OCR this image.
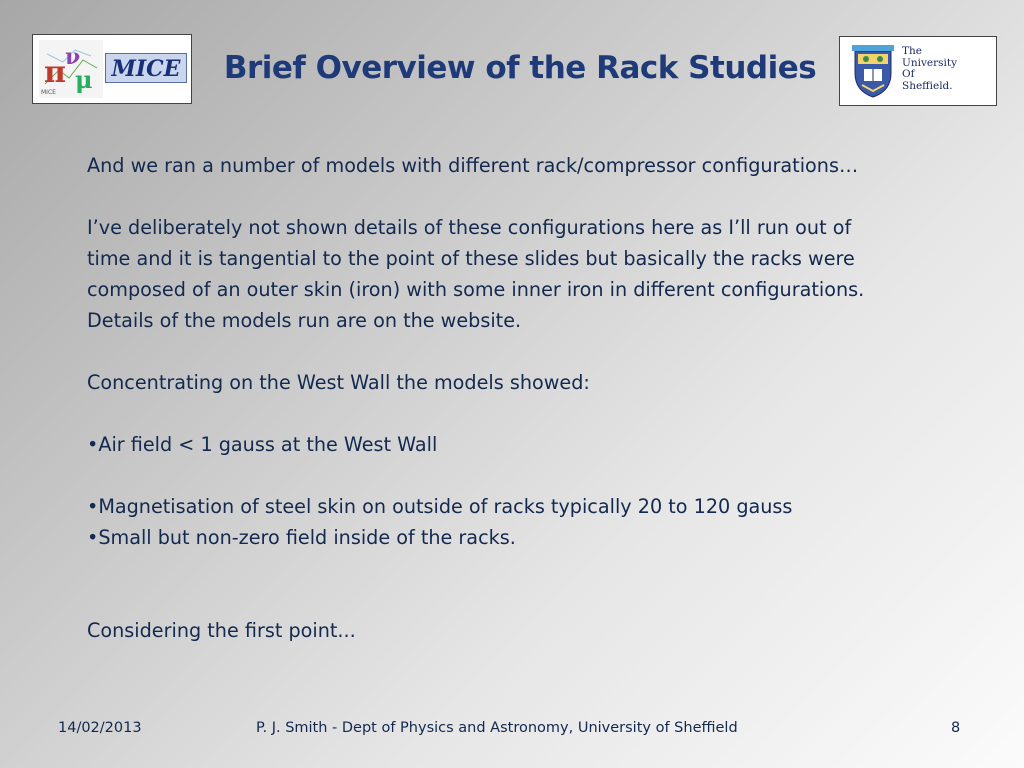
π ν
μ
MICE
MICE Brief Overview of the Rack Studies	The
University
Of
Sheffield.

And we ran a number of models with different rack/compressor configurations…

I’ve deliberately not shown details of these configurations here as I’ll run out of

time and it is tangential to the point of these slides but basically the racks were

composed of an outer skin (iron) with some inner iron in different configurations.

Details of the models run are on the website.

Concentrating on the West Wall the models showed:

•Air field < 1 gauss at the West Wall

•Magnetisation of steel skin on outside of racks typically 20 to 120 gauss

•Small but non-zero field inside of the racks.

Considering the first point...

14/02/2013	P. J. Smith - Dept of Physics and Astronomy, University of Sheffield	8
